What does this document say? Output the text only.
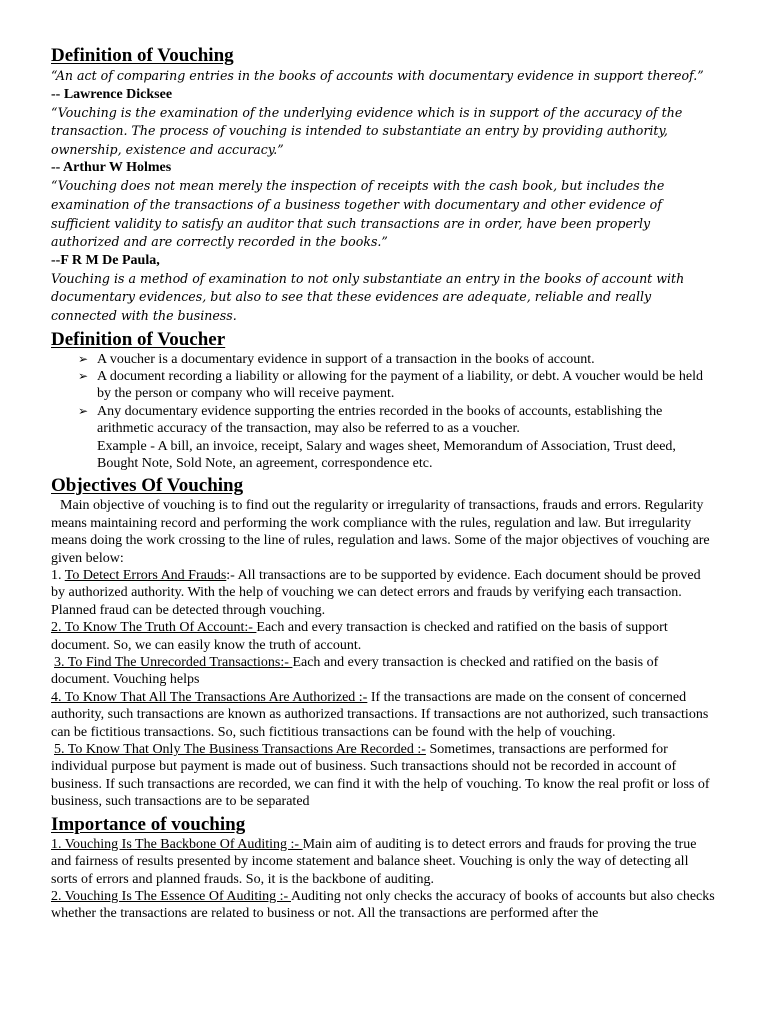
Definition of Vouching

“An act of comparing entries in the books of accounts with documentary evidence in support thereof.”

-- Lawrence Dicksee

“Vouching is the examination of the underlying evidence which is in support of the accuracy of the transaction. The process of vouching is intended to substantiate an entry by providing authority, ownership, existence and accuracy.”

-- Arthur W Holmes

“Vouching does not mean merely the inspection of receipts with the cash book, but includes the examination of the transactions of a business together with documentary and other evidence of sufficient validity to satisfy an auditor that such transactions are in order, have been properly authorized and are correctly recorded in the books.”

--F R M De Paula,

Vouching is a method of examination to not only substantiate an entry in the books of account with documentary evidences, but also to see that these evidences are adequate, reliable and really connected with the business.

Definition of Voucher
➢ A voucher is a documentary evidence in support of a transaction in the books of account.
➢ A document recording a liability or allowing for the payment of a liability, or debt. A voucher would be held by the person or company who will receive payment.
➢ Any documentary evidence supporting the entries recorded in the books of accounts, establishing the arithmetic accuracy of the transaction, may also be referred to as a voucher.

Example - A bill, an invoice, receipt, Salary and wages sheet, Memorandum of Association, Trust deed, Bought Note, Sold Note, an agreement, correspondence etc.

Objectives Of Vouching

Main objective of vouching is to find out the regularity or irregularity of transactions, frauds and errors. Regularity means maintaining record and performing the work compliance with the rules, regulation and law. But irregularity means doing the work crossing to the line of rules, regulation and laws. Some of the major objectives of vouching are given below:

1. To Detect Errors And Frauds:- All transactions are to be supported by evidence. Each document should be proved by authorized authority. With the help of vouching we can detect errors and frauds by verifying each transaction. Planned fraud can be detected through vouching.

2. To Know The Truth Of Account:- Each and every transaction is checked and ratified on the basis of support document. So, we can easily know the truth of account.

3. To Find The Unrecorded Transactions:- Each and every transaction is checked and ratified on the basis of document. Vouching helps

4. To Know That All The Transactions Are Authorized :- If the transactions are made on the consent of concerned authority, such transactions are known as authorized transactions. If transactions are not authorized, such transactions can be fictitious transactions. So, such fictitious transactions can be found with the help of vouching.

5. To Know That Only The Business Transactions Are Recorded :- Sometimes, transactions are performed for individual purpose but payment is made out of business. Such transactions should not be recorded in account of business. If such transactions are recorded, we can find it with the help of vouching. To know the real profit or loss of business, such transactions are to be separated

Importance of vouching

1. Vouching Is The Backbone Of Auditing :- Main aim of auditing is to detect errors and frauds for proving the true and fairness of results presented by income statement and balance sheet. Vouching is only the way of detecting all sorts of errors and planned frauds. So, it is the backbone of auditing.

2. Vouching Is The Essence Of Auditing :- Auditing not only checks the accuracy of books of accounts but also checks whether the transactions are related to business or not. All the transactions are performed after the
